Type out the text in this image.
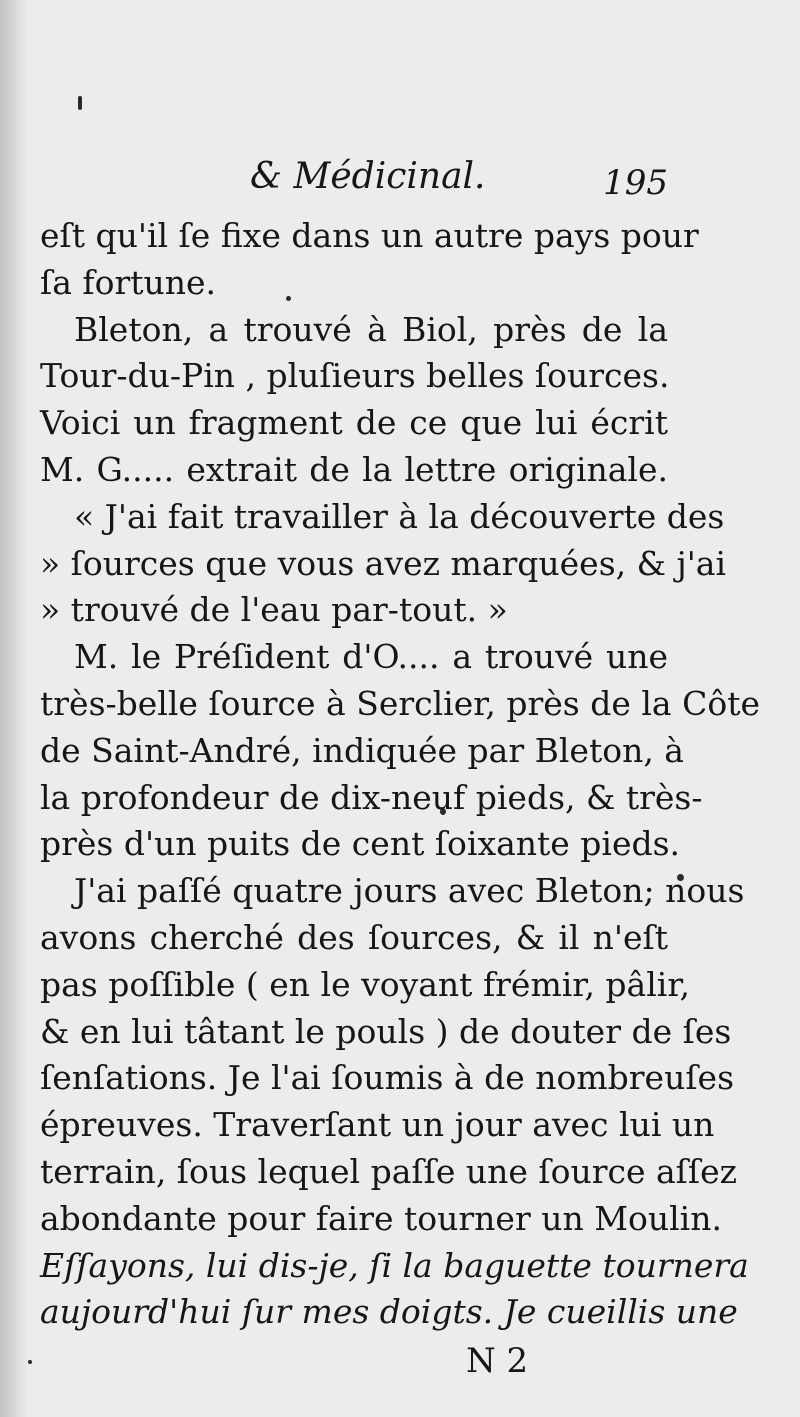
& Médicinal.	195
eſt qu'il ſe fixe dans un autre pays pour
ſa fortune.
Bleton, a trouvé à Biol, près de la
Tour-du-Pin , pluſieurs belles ſources.
Voici un fragment de ce que lui écrit
M. G..... extrait de la lettre originale.
« J'ai fait travailler à la découverte des
» ſources que vous avez marquées, & j'ai
» trouvé de l'eau par-tout. »
M. le Préſident d'O.... a trouvé une
très-belle ſource à Serclier, près de la Côte
de Saint-André, indiquée par Bleton, à
la profondeur de dix-neuf pieds, & très-
près d'un puits de cent ſoixante pieds.
J'ai paſſé quatre jours avec Bleton; nous
avons cherché des ſources, & il n'eſt
pas poſſible ( en le voyant frémir, pâlir,
& en lui tâtant le pouls ) de douter de ſes
ſenſations. Je l'ai ſoumis à de nombreuſes
épreuves. Traverſant un jour avec lui un
terrain, ſous lequel paſſe une ſource aſſez
abondante pour faire tourner un Moulin.
Eſſayons, lui dis-je, ſi la baguette tournera
aujourd'hui ſur mes doigts. Je cueillis une
N 2
